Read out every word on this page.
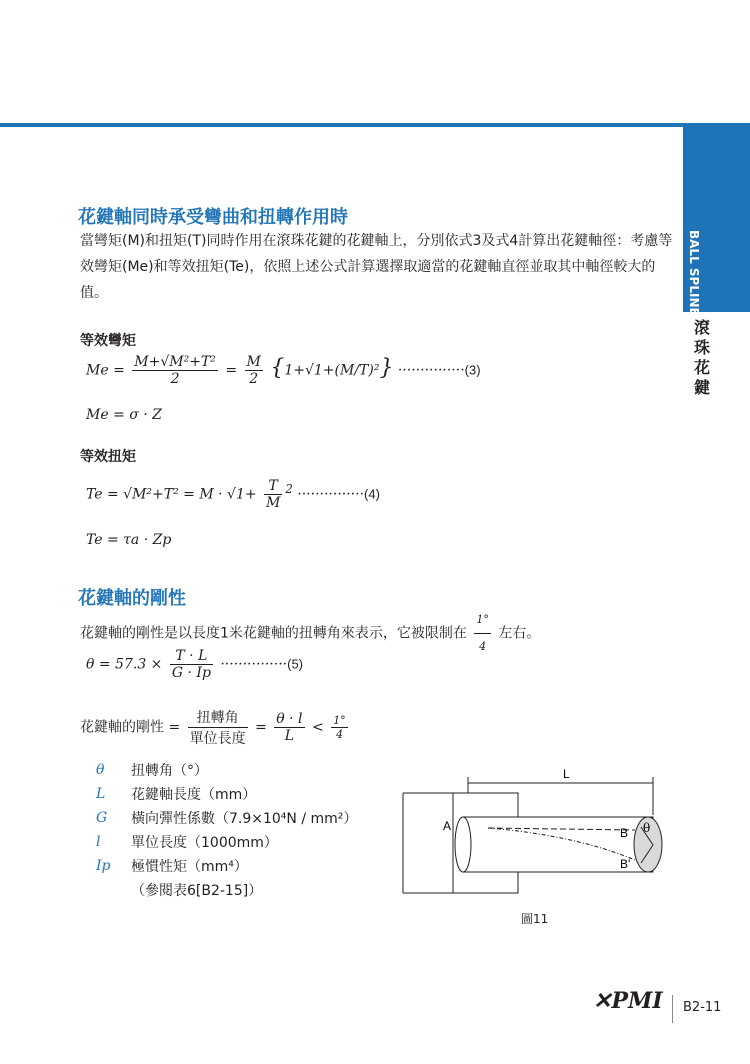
BALL SPLINE
滾
珠
花
鍵
花鍵軸同時承受彎曲和扭轉作用時
當彎矩(M)和扭矩(T)同時作用在滾珠花鍵的花鍵軸上，分別依式3及式4計算出花鍵軸徑：考慮等效彎矩(Me)和等效扭矩(Te)，依照上述公式計算選擇取適當的花鍵軸直徑並取其中軸徑較大的值。
等效彎矩
$Me = \frac{\text{M+√M²+T²}}{2} = \frac{M}{2} \{1+√1+(M/T)^2\} \cdot\cdot\cdot\cdot\cdot\cdot\cdot\cdot\cdot\cdot\cdot\cdot\cdot\cdot\cdot(3)$
Me = σ · Z
等效扭矩
$Te = √M^2+T^2 = M \cdot √1+ \frac{T}{M} ^2 \cdot\cdot\cdot\cdot\cdot\cdot\cdot\cdot\cdot\cdot\cdot\cdot\cdot\cdot\cdot(4)$
Te = τa · Zp
花鍵軸的剛性
花鍵軸的剛性是以長度1米花鍵軸的扭轉角來表示，它被限制在 $\frac{1^\circ}{4}$ 左右。
$\theta = 57.3 \times \frac{T \cdot L}{G \cdot Ip} \cdot\cdot\cdot\cdot\cdot\cdot\cdot\cdot\cdot\cdot\cdot\cdot\cdot\cdot\cdot(5)$
花鍵軸的剛性 = $\frac{\text{扭轉角}}{\text{單位長度}} = \frac{\theta \cdot l}{L} < \frac{1^\circ}{4}$
θ	扭轉角（°）
L	花鍵軸長度（mm）
G	橫向彈性係數（7.9×10⁴N / mm²）
l	單位長度（1000mm）
Ip	極慣性矩（mm⁴）
（參閱表6[B2-15]）
L
A	B
B'
θ
圖11
✕PMI B2-11
